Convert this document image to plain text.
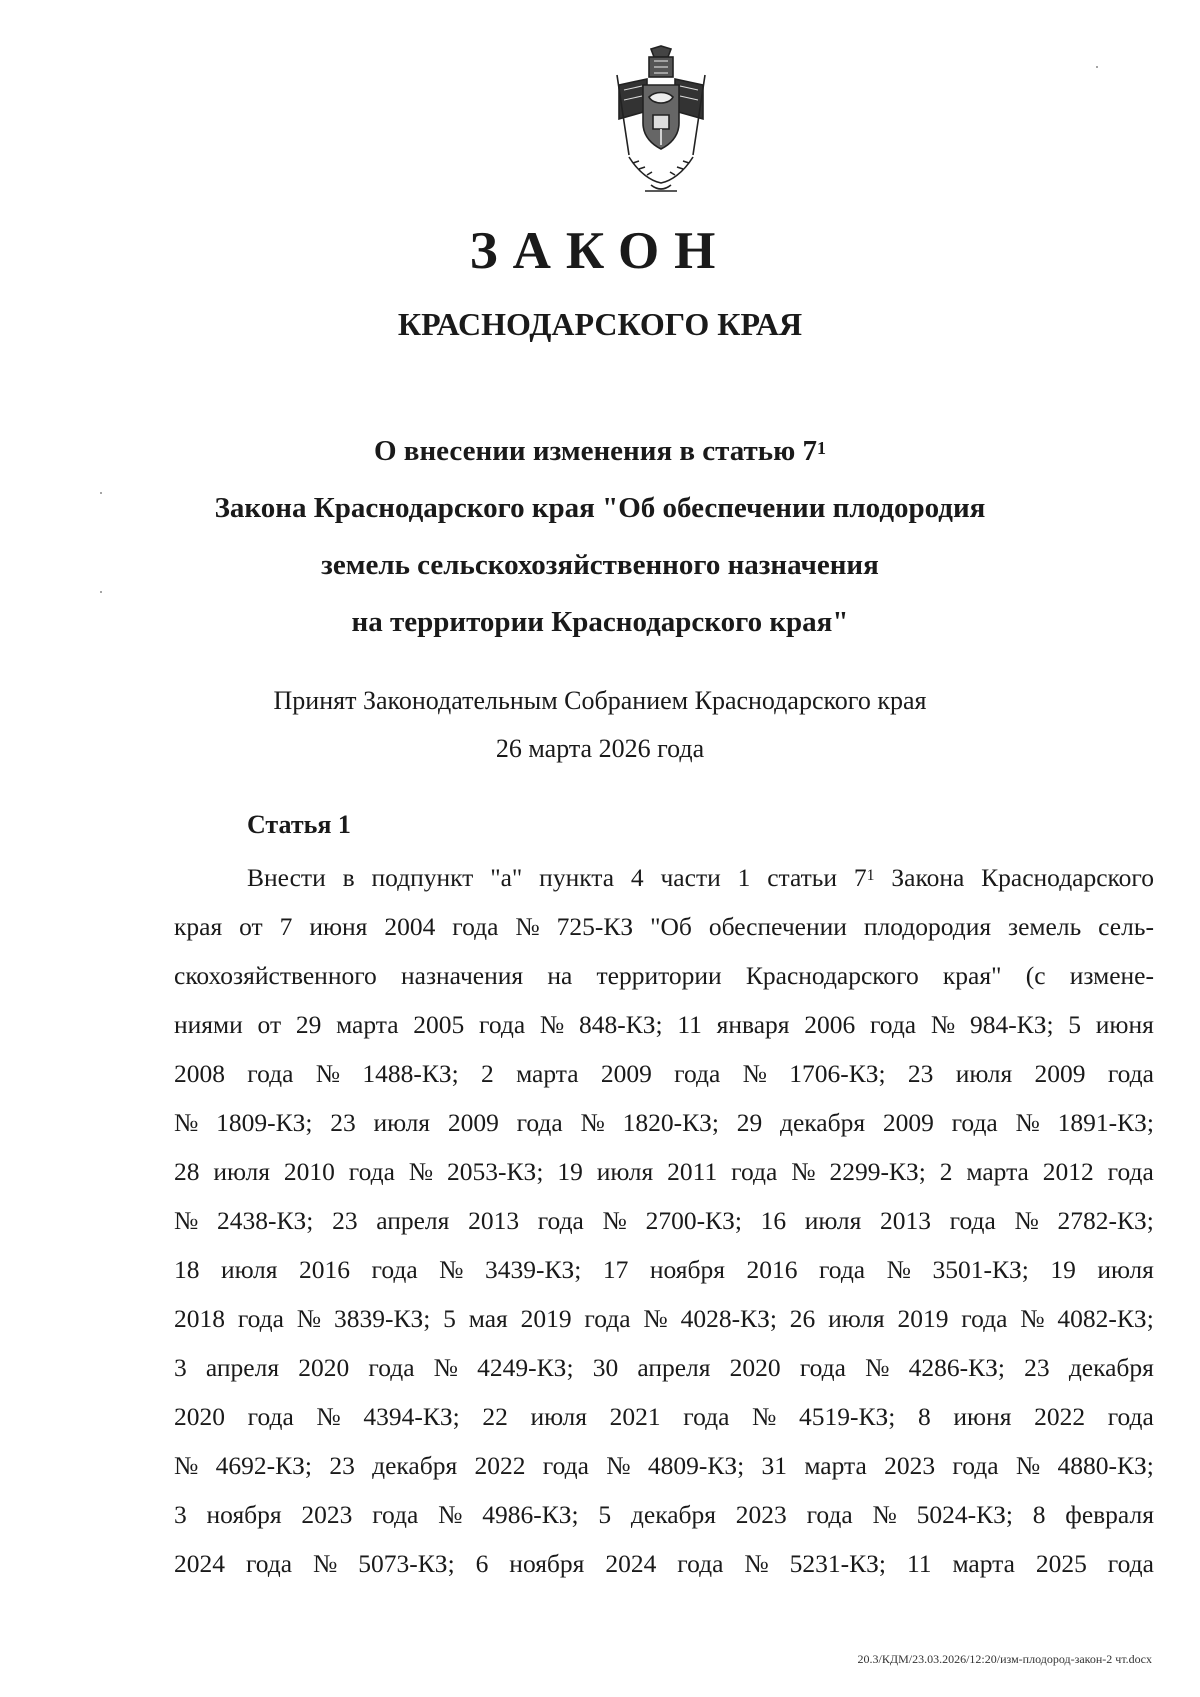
ЗАКОН
КРАСНОДАРСКОГО КРАЯ
О внесении изменения в статью $7^1$
Закона Краснодарского края "Об обеспечении плодородия
земель сельскохозяйственного назначения
на территории Краснодарского края"
Принят Законодательным Собранием Краснодарского края
26 марта 2026 года
Статья 1
Внести в подпункт "а" пункта 4 части 1 статьи $7^1$ Закона Краснодарского
края от 7 июня 2004 года № 725-КЗ "Об обеспечении плодородия земель сель-
скохозяйственного назначения на территории Краснодарского края" (с измене-
ниями от 29 марта 2005 года № 848-КЗ; 11 января 2006 года № 984-КЗ; 5 июня
2008 года № 1488-КЗ; 2 марта 2009 года № 1706-КЗ; 23 июля 2009 года
№ 1809-КЗ; 23 июля 2009 года № 1820-КЗ; 29 декабря 2009 года № 1891-КЗ;
28 июля 2010 года № 2053-КЗ; 19 июля 2011 года № 2299-КЗ; 2 марта 2012 года
№ 2438-КЗ; 23 апреля 2013 года № 2700-КЗ; 16 июля 2013 года № 2782-КЗ;
18 июля 2016 года № 3439-КЗ; 17 ноября 2016 года № 3501-КЗ; 19 июля
2018 года № 3839-КЗ; 5 мая 2019 года № 4028-КЗ; 26 июля 2019 года № 4082-КЗ;
3 апреля 2020 года № 4249-КЗ; 30 апреля 2020 года № 4286-КЗ; 23 декабря
2020 года № 4394-КЗ; 22 июля 2021 года № 4519-КЗ; 8 июня 2022 года
№ 4692-КЗ; 23 декабря 2022 года № 4809-КЗ; 31 марта 2023 года № 4880-КЗ;
3 ноября 2023 года № 4986-КЗ; 5 декабря 2023 года № 5024-КЗ; 8 февраля
2024 года № 5073-КЗ; 6 ноября 2024 года № 5231-КЗ; 11 марта 2025 года
20.3/КДМ/23.03.2026/12:20/изм-плодород-закон-2 чт.docx
